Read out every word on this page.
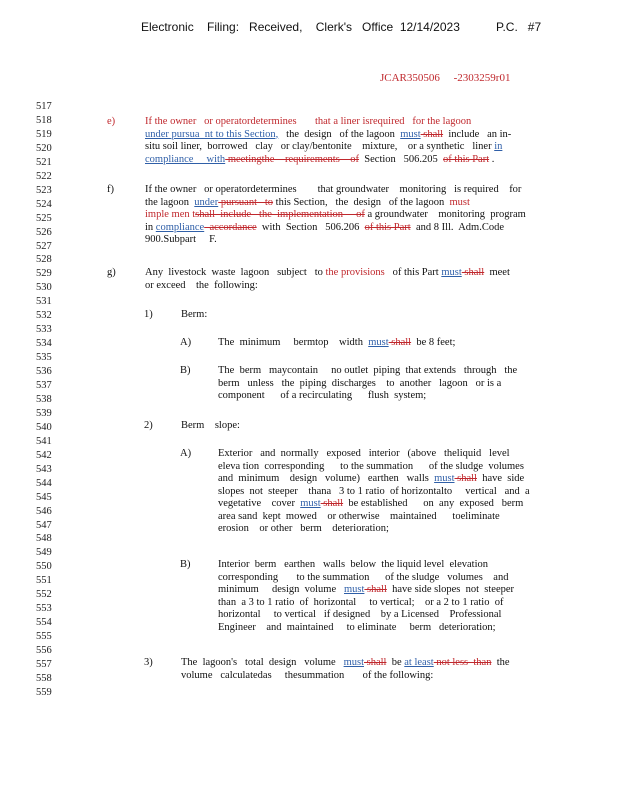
Electronic    Filing:   Received,    Clerk's   Office  12/14/2023	P.C.   #7
JCAR350506     -2303259r01
517
518
519
520
521
522
523
524
525
526
527
528
529
530
531
532
533
534
535
536
537
538
539
540
541
542
543
544
545
546
547
548
549
550
551
552
553
554
555
556
557
558
559
e)
f)
g)
1)
A)
B)
2)
A)
B)
3)
If the owner   or operatordetermines       that a liner isrequired   for the lagoon
under pursua  nt to this Section,   the  design   of the lagoon  must shall  include   an in-
situ soil liner,  borrowed   clay   or clay/bentonite    mixture,    or a synthetic   liner in
compliance     with meetingthe    requirements    of  Section   506.205  of this Part .
If the owner   or operatordetermines        that groundwater    monitoring   is required    for
the lagoon  under pursuant   to this Section,   the  design   of the lagoon  must
imple men tshall  include   the  implementation     of a groundwater    monitoring  program
in compliance  accordance  with  Section   506.206  of this Part  and 8 Ill.  Adm.Code
900.Subpart     F.
Any  livestock  waste  lagoon   subject   to the provisions   of this Part must shall  meet
or exceed    the  following:
Berm:
The  minimum     bermtop    width  must shall  be 8 feet;
The  berm   maycontain     no outlet  piping  that extends   through   the
berm   unless   the  piping  discharges    to  another   lagoon   or is a
component      of a recirculating      flush  system;
Berm    slope:
Exterior   and  normally   exposed   interior   (above   theliquid   level
eleva tion  corresponding      to the summation      of the sludge  volumes
and  minimum    design   volume)   earthen   walls  must shall  have  side
slopes  not  steeper    thana   3 to 1 ratio  of horizontalto     vertical   and  a
vegetative    cover  must shall  be established      on  any  exposed   berm
area sand  kept  mowed    or otherwise    maintained      toeliminate
erosion    or other   berm    deterioration;
Interior  berm   earthen   walls  below  the liquid level  elevation
corresponding       to the summation      of the sludge   volumes    and
minimum     design  volume   must shall  have side slopes  not  steeper
than  a 3 to 1 ratio  of  horizontal     to vertical;    or a 2 to 1 ratio  of
horizontal     to vertical   if designed    by a Licensed    Professional
Engineer    and  maintained     to eliminate     berm   deterioration;
The  lagoon's   total  design   volume   must shall  be at least not less  than  the
volume   calculatedas     thesummation       of the following:
